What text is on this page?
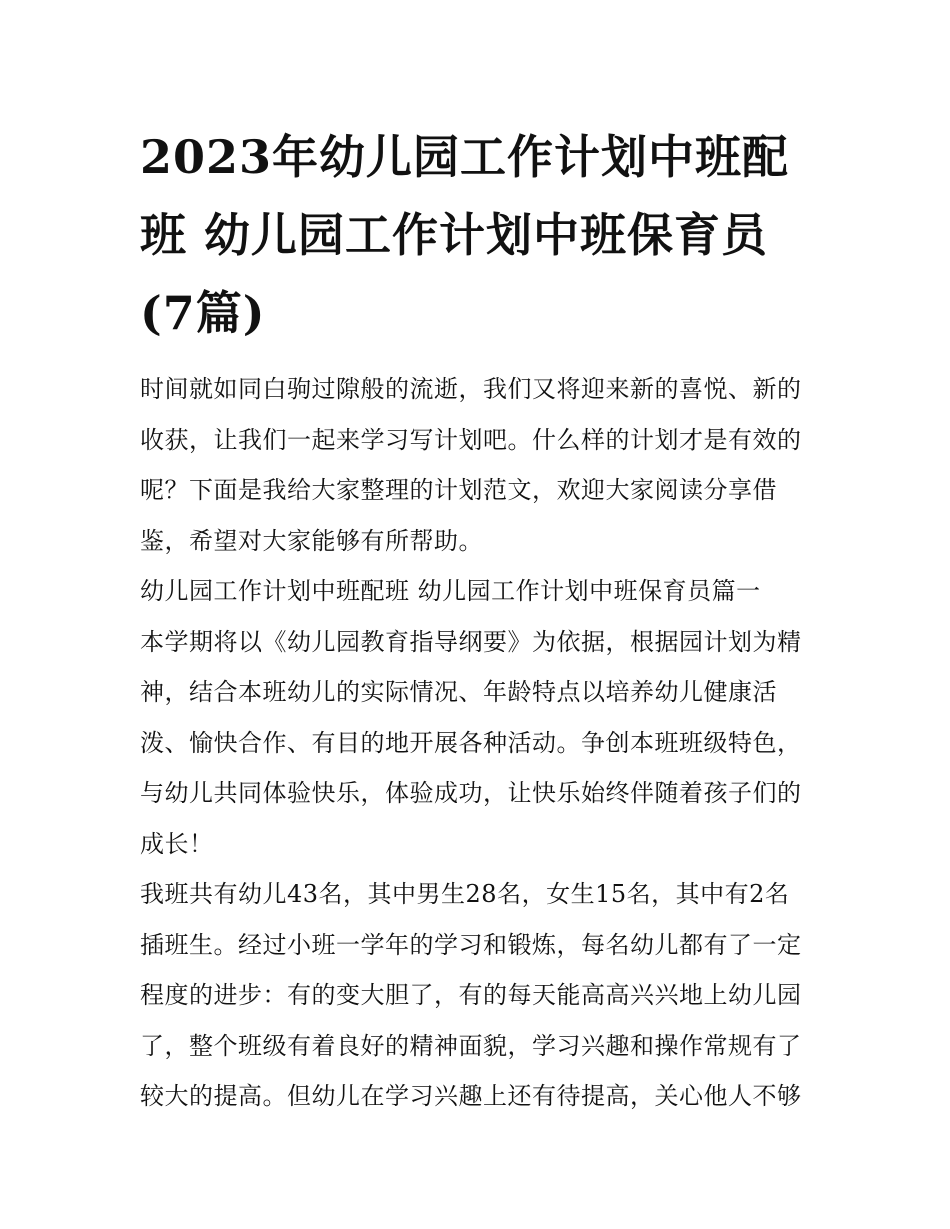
2023年幼儿园工作计划中班配
班 幼儿园工作计划中班保育员
(7篇)

时间就如同白驹过隙般的流逝，我们又将迎来新的喜悦、新的
收获，让我们一起来学习写计划吧。什么样的计划才是有效的
呢？下面是我给大家整理的计划范文，欢迎大家阅读分享借
鉴，希望对大家能够有所帮助。

幼儿园工作计划中班配班 幼儿园工作计划中班保育员篇一

本学期将以《幼儿园教育指导纲要》为依据，根据园计划为精
神，结合本班幼儿的实际情况、年龄特点以培养幼儿健康活
泼、愉快合作、有目的地开展各种活动。争创本班班级特色，
与幼儿共同体验快乐，体验成功，让快乐始终伴随着孩子们的
成长！

我班共有幼儿43名，其中男生28名，女生15名，其中有2名
插班生。经过小班一学年的学习和锻炼，每名幼儿都有了一定
程度的进步：有的变大胆了，有的每天能高高兴兴地上幼儿园
了，整个班级有着良好的精神面貌，学习兴趣和操作常规有了
较大的提高。但幼儿在学习兴趣上还有待提高，关心他人不够
